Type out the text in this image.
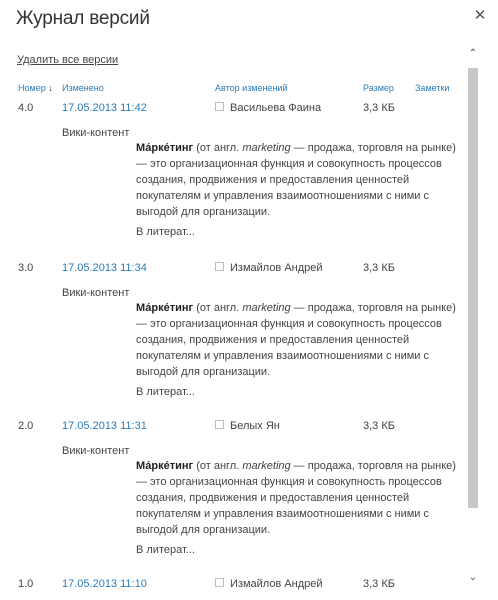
Журнал версий	✕
Удалить все версии
Номер ↓ Изменено	Автор изменений	Размер Заметки
4.0	17.05.2013 11:42	Васильева Фаина	3,3 КБ
Вики-контент
Ма́рке́тинг (от англ. marketing — продажа, торговля на рынке) — это организационная функция и совокупность процессов создания, продвижения и предоставления ценностей покупателям и управления взаимоотношениями с ними с выгодой для организации.
В литерат...
3.0	17.05.2013 11:34	Измайлов Андрей	3,3 КБ
Вики-контент
Ма́рке́тинг (от англ. marketing — продажа, торговля на рынке) — это организационная функция и совокупность процессов создания, продвижения и предоставления ценностей покупателям и управления взаимоотношениями с ними с выгодой для организации.
В литерат...
2.0	17.05.2013 11:31	Белых Ян	3,3 КБ
Вики-контент
Ма́рке́тинг (от англ. marketing — продажа, торговля на рынке) — это организационная функция и совокупность процессов создания, продвижения и предоставления ценностей покупателям и управления взаимоотношениями с ними с выгодой для организации.
В литерат...
1.0	17.05.2013 11:10	Измайлов Андрей	3,3 КБ
⌃
⌄
